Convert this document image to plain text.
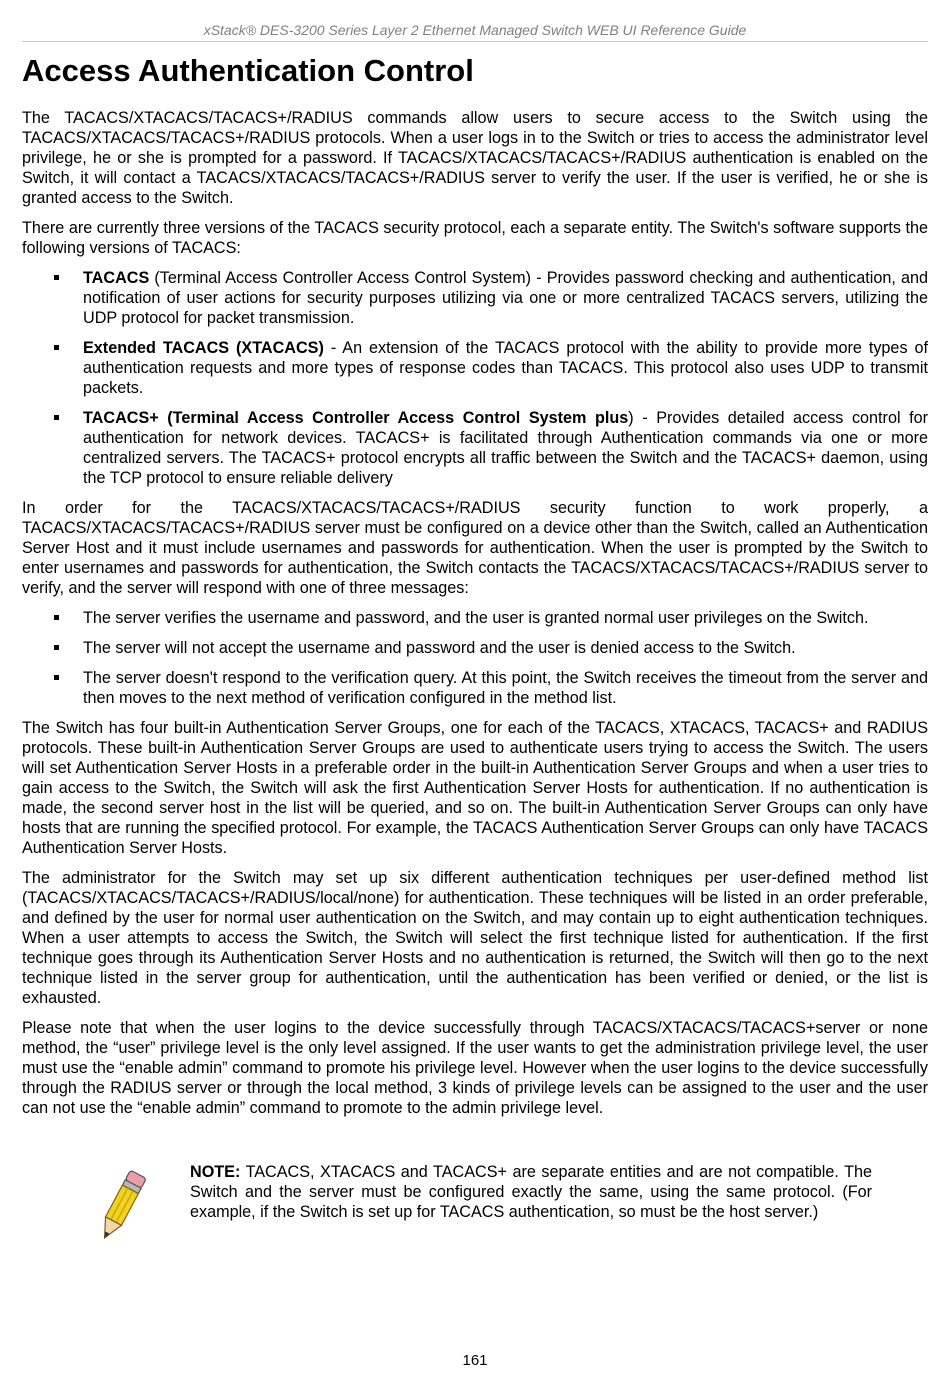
xStack® DES-3200 Series Layer 2 Ethernet Managed Switch WEB UI Reference Guide
Access Authentication Control

The TACACS/XTACACS/TACACS+/RADIUS commands allow users to secure access to the Switch using the TACACS/XTACACS/TACACS+/RADIUS protocols. When a user logs in to the Switch or tries to access the administrator level privilege, he or she is prompted for a password. If TACACS/XTACACS/TACACS+/RADIUS authentication is enabled on the Switch, it will contact a TACACS/XTACACS/TACACS+/RADIUS server to verify the user. If the user is verified, he or she is granted access to the Switch.

There are currently three versions of the TACACS security protocol, each a separate entity. The Switch's software supports the following versions of TACACS:

TACACS (Terminal Access Controller Access Control System) - Provides password checking and authentication, and notification of user actions for security purposes utilizing via one or more centralized TACACS servers, utilizing the UDP protocol for packet transmission.
Extended TACACS (XTACACS) - An extension of the TACACS protocol with the ability to provide more types of authentication requests and more types of response codes than TACACS. This protocol also uses UDP to transmit packets.
TACACS+ (Terminal Access Controller Access Control System plus) - Provides detailed access control for authentication for network devices. TACACS+ is facilitated through Authentication commands via one or more centralized servers. The TACACS+ protocol encrypts all traffic between the Switch and the TACACS+ daemon, using the TCP protocol to ensure reliable delivery

In order for the TACACS/XTACACS/TACACS+/RADIUS security function to work properly, a TACACS/XTACACS/TACACS+/RADIUS server must be configured on a device other than the Switch, called an Authentication Server Host and it must include usernames and passwords for authentication. When the user is prompted by the Switch to enter usernames and passwords for authentication, the Switch contacts the TACACS/XTACACS/TACACS+/RADIUS server to verify, and the server will respond with one of three messages:

The server verifies the username and password, and the user is granted normal user privileges on the Switch.
The server will not accept the username and password and the user is denied access to the Switch.
The server doesn't respond to the verification query. At this point, the Switch receives the timeout from the server and then moves to the next method of verification configured in the method list.

The Switch has four built-in Authentication Server Groups, one for each of the TACACS, XTACACS, TACACS+ and RADIUS protocols. These built-in Authentication Server Groups are used to authenticate users trying to access the Switch. The users will set Authentication Server Hosts in a preferable order in the built-in Authentication Server Groups and when a user tries to gain access to the Switch, the Switch will ask the first Authentication Server Hosts for authentication. If no authentication is made, the second server host in the list will be queried, and so on. The built-in Authentication Server Groups can only have hosts that are running the specified protocol. For example, the TACACS Authentication Server Groups can only have TACACS Authentication Server Hosts.

The administrator for the Switch may set up six different authentication techniques per user-defined method list (TACACS/XTACACS/TACACS+/RADIUS/local/none) for authentication. These techniques will be listed in an order preferable, and defined by the user for normal user authentication on the Switch, and may contain up to eight authentication techniques. When a user attempts to access the Switch, the Switch will select the first technique listed for authentication. If the first technique goes through its Authentication Server Hosts and no authentication is returned, the Switch will then go to the next technique listed in the server group for authentication, until the authentication has been verified or denied, or the list is exhausted.

Please note that when the user logins to the device successfully through TACACS/XTACACS/TACACS+server or none method, the “user” privilege level is the only level assigned. If the user wants to get the administration privilege level, the user must use the “enable admin” command to promote his privilege level. However when the user logins to the device successfully through the RADIUS server or through the local method, 3 kinds of privilege levels can be assigned to the user and the user can not use the “enable admin” command to promote to the admin privilege level.

NOTE: TACACS, XTACACS and TACACS+ are separate entities and are not compatible. The Switch and the server must be configured exactly the same, using the same protocol. (For example, if the Switch is set up for TACACS authentication, so must be the host server.)
161
